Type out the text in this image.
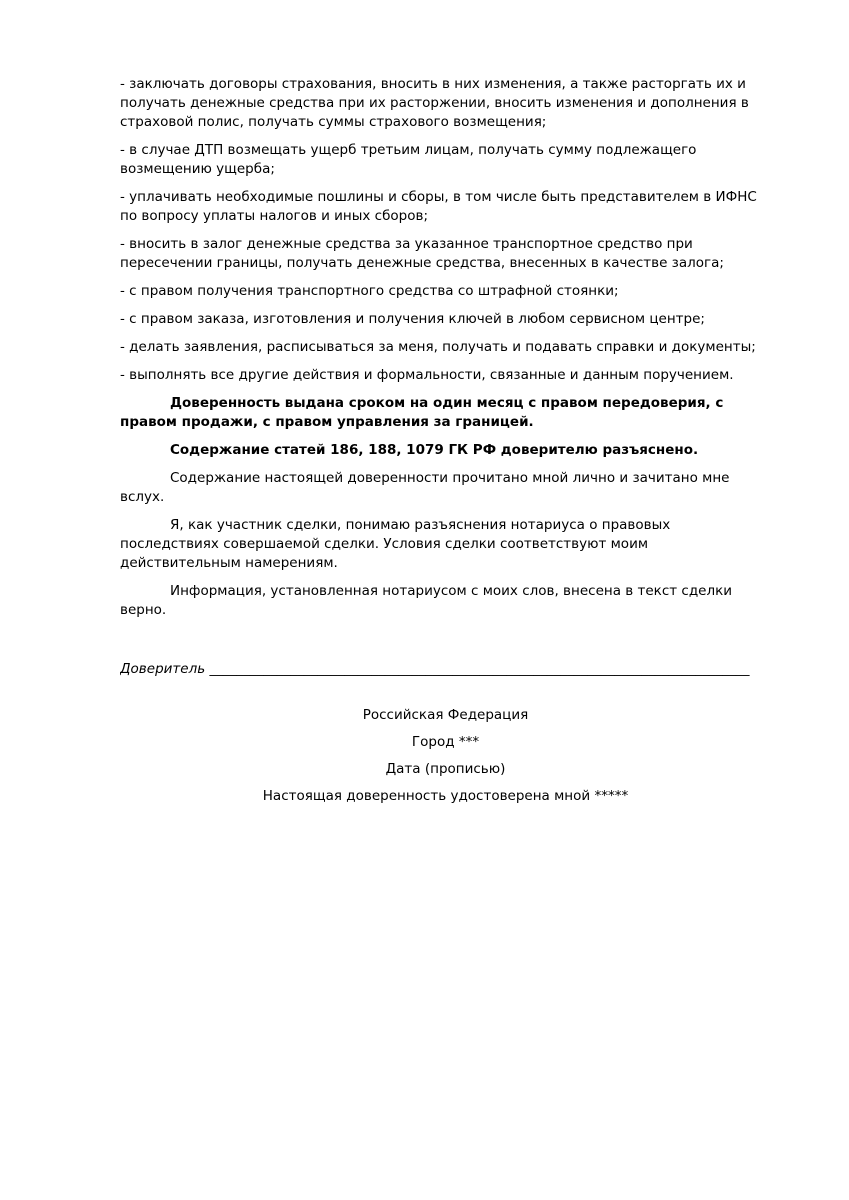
- заключать договоры страхования, вносить в них изменения, а также расторгать их и получать денежные средства при их расторжении, вносить изменения и дополнения в страховой полис, получать суммы страхового возмещения;

- в случае ДТП возмещать ущерб третьим лицам, получать сумму подлежащего возмещению ущерба;

- уплачивать необходимые пошлины и сборы, в том числе быть представителем в ИФНС по вопросу уплаты налогов и иных сборов;

- вносить в залог денежные средства за указанное транспортное средство при пересечении границы, получать денежные средства, внесенных в качестве залога;

- с правом получения транспортного средства со штрафной стоянки;

- с правом заказа, изготовления и получения ключей в любом сервисном центре;

- делать заявления, расписываться за меня, получать и подавать справки и документы;

- выполнять все другие действия и формальности, связанные и данным поручением.

Доверенность выдана сроком на один месяц с правом передоверия, с правом продажи, с правом управления за границей.

Содержание статей 186, 188, 1079 ГК РФ доверителю разъяснено.

Содержание настоящей доверенности прочитано мной лично и зачитано мне вслух.

Я, как участник сделки, понимаю разъяснения нотариуса о правовых последствиях совершаемой сделки. Условия сделки соответствуют моим действительным намерениям.

Информация, установленная нотариусом с моих слов, внесена в текст сделки верно.

Доверитель ________________________________________________________________________________

Российская Федерация

Город ***

Дата (прописью)

Настоящая доверенность удостоверена мной *****
